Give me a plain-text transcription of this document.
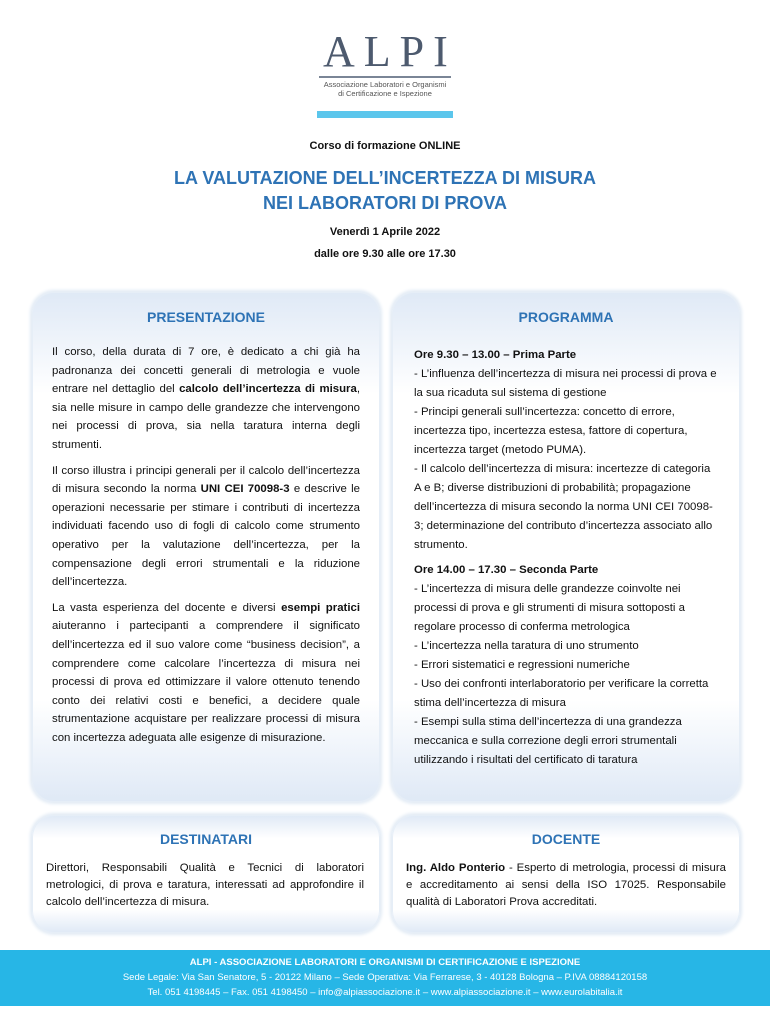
ALPI
Associazione Laboratori e Organismi
di Certificazione e Ispezione
Corso di formazione ONLINE
LA VALUTAZIONE DELL’INCERTEZZA DI MISURA
NEI LABORATORI DI PROVA
Venerdì 1 Aprile 2022
dalle ore 9.30 alle ore 17.30
PRESENTAZIONE

Il corso, della durata di 7 ore, è dedicato a chi già ha padronanza dei concetti generali di metrologia e vuole entrare nel dettaglio del calcolo dell’incertezza di misura, sia nelle misure in campo delle grandezze che intervengono nei processi di prova, sia nella taratura interna degli strumenti.

Il corso illustra i principi generali per il calcolo dell’incertezza di misura secondo la norma UNI CEI 70098-3 e descrive le operazioni necessarie per stimare i contributi di incertezza individuati facendo uso di fogli di calcolo come strumento operativo per la valutazione dell’incertezza, per la compensazione degli errori strumentali e la riduzione dell’incertezza.

La vasta esperienza del docente e diversi esempi pratici aiuteranno i partecipanti a comprendere il significato dell’incertezza ed il suo valore come “business decision”, a comprendere come calcolare l’incertezza di misura nei processi di prova ed ottimizzare il valore ottenuto tenendo conto dei relativi costi e benefici, a decidere quale strumentazione acquistare per realizzare processi di misura con incertezza adeguata alle esigenze di misurazione.

PROGRAMMA
Ore 9.30 – 13.00 – Prima Parte
- L’influenza dell’incertezza di misura nei processi di prova e la sua ricaduta sul sistema di gestione
- Principi generali sull’incertezza: concetto di errore, incertezza tipo, incertezza estesa, fattore di copertura, incertezza target (metodo PUMA).
- Il calcolo dell’incertezza di misura: incertezze di categoria A e B; diverse distribuzioni di probabilità; propagazione dell’incertezza di misura secondo la norma UNI CEI 70098-3; determinazione del contributo d’incertezza associato allo strumento.
Ore 14.00 – 17.30 – Seconda Parte
- L’incertezza di misura delle grandezze coinvolte nei processi di prova e gli strumenti di misura sottoposti a regolare processo di conferma metrologica
- L’incertezza nella taratura di uno strumento
- Errori sistematici e regressioni numeriche
- Uso dei confronti interlaboratorio per verificare la corretta stima dell’incertezza di misura
- Esempi sulla stima dell’incertezza di una grandezza meccanica e sulla correzione degli errori strumentali utilizzando i risultati del certificato di taratura
DESTINATARI
Direttori, Responsabili Qualità e Tecnici di laboratori metrologici, di prova e taratura, interessati ad approfondire il calcolo dell’incertezza di misura.
DOCENTE
Ing. Aldo Ponterio - Esperto di metrologia, processi di misura e accreditamento ai sensi della ISO 17025. Responsabile qualità di Laboratori Prova accreditati.
ALPI - ASSOCIAZIONE LABORATORI E ORGANISMI DI CERTIFICAZIONE E ISPEZIONE
Sede Legale: Via San Senatore, 5 - 20122 Milano – Sede Operativa: Via Ferrarese, 3 - 40128 Bologna – P.IVA 08884120158
Tel. 051 4198445 – Fax. 051 4198450 – info@alpiassociazione.it – www.alpiassociazione.it – www.eurolabitalia.it
